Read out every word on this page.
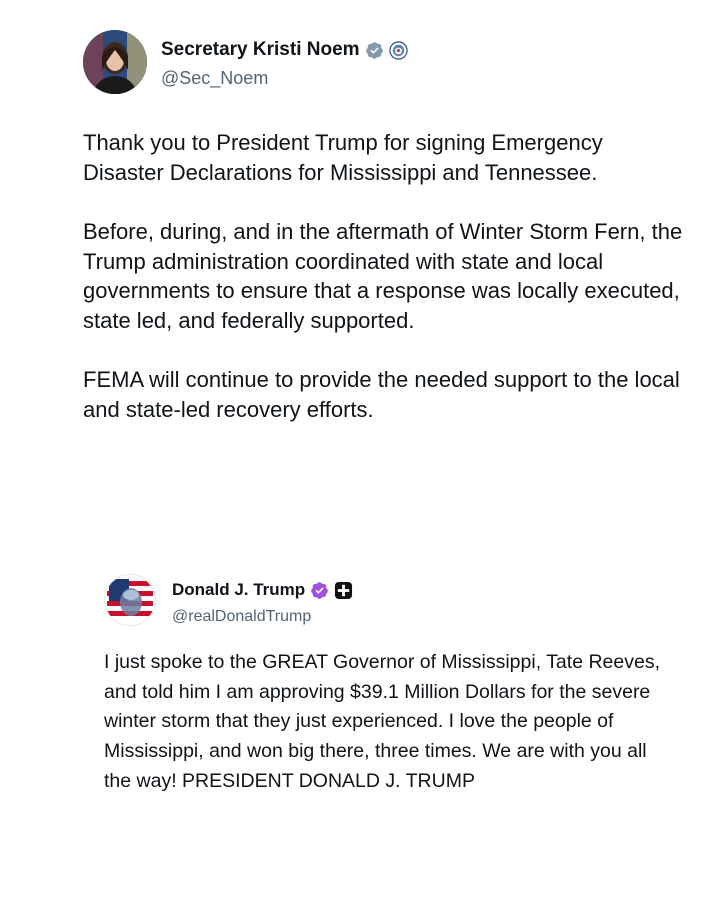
Secretary Kristi Noem
@Sec_Noem

Thank you to President Trump for signing Emergency Disaster Declarations for Mississippi and Tennessee.

Before, during, and in the aftermath of Winter Storm Fern, the Trump administration coordinated with state and local governments to ensure that a response was locally executed, state led, and federally supported.

FEMA will continue to provide the needed support to the local and state-led recovery efforts.

Donald J. Trump
@realDonaldTrump
I just spoke to the GREAT Governor of Mississippi, Tate Reeves, and told him I am approving $39.1 Million Dollars for the severe winter storm that they just experienced. I love the people of Mississippi, and won big there, three times. We are with you all the way! PRESIDENT DONALD J. TRUMP
